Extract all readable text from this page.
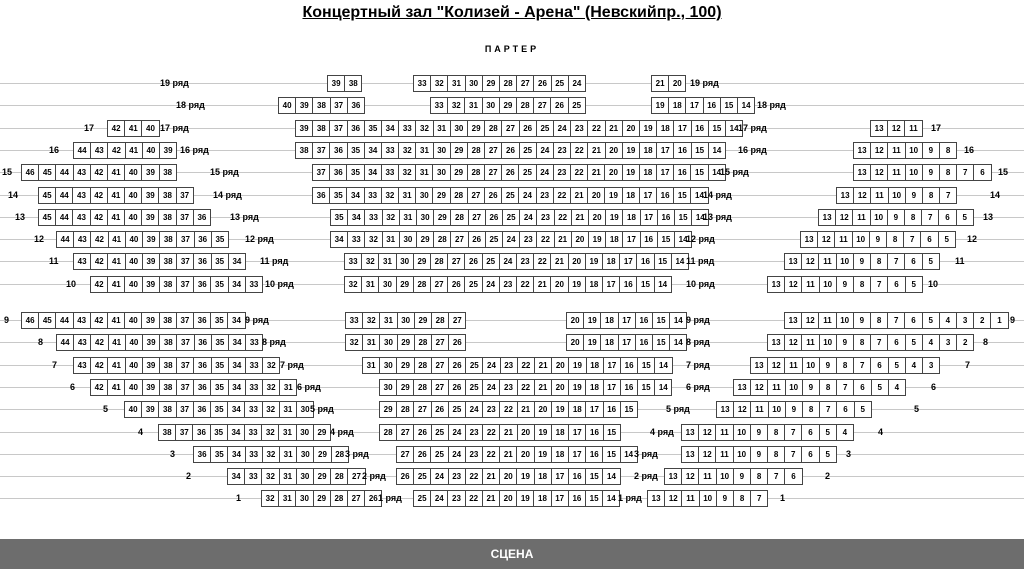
Концертный зал "Колизей - Арена" (Невскийпр., 100)
ПАРТЕР
39	38	33	32	31	30	29	28	27	26	25	24	21	20
19 ряд	19 ряд
40	39	38	37	36	33	32	31	30	29	28	27	26	25	19	18	17	16	15	14
18 ряд	18 ряд
42	41	40	39	38	37	36	35	34	33	32	31	30	29	28	27	26	25	24	23	22	21	20	19	18	17	16	15	14	13	12	11
17	17
17 ряд	17 ряд
44	43	42	41	40	39	38	37	36	35	34	33	32	31	30	29	28	27	26	25	24	23	22	21	20	19	18	17	16	15	14	13	12	11	10	9	8
16	16
16 ряд	16 ряд
46	45	44	43	42	41	40	39	38	37	36	35	34	33	32	31	30	29	28	27	26	25	24	23	22	21	20	19	18	17	16	15	14	13	12	11	10	9	8	7	6
15	15
15 ряд	15 ряд
45	44	43	42	41	40	39	38	37	36	35	34	33	32	31	30	29	28	27	26	25	24	23	22	21	20	19	18	17	16	15	14	13	12	11	10	9	8	7
14	14
14 ряд	14 ряд
45	44	43	42	41	40	39	38	37	36	35	34	33	32	31	30	29	28	27	26	25	24	23	22	21	20	19	18	17	16	15	14	13	12	11	10	9	8	7	6	5
13	13
13 ряд	13 ряд
44	43	42	41	40	39	38	37	36	35	34	33	32	31	30	29	28	27	26	25	24	23	22	21	20	19	18	17	16	15	14	13	12	11	10	9	8	7	6	5
12	12
12 ряд	12 ряд
43	42	41	40	39	38	37	36	35	34	33	32	31	30	29	28	27	26	25	24	23	22	21	20	19	18	17	16	15	14	13	12	11	10	9	8	7	6	5
11	11
11 ряд	11 ряд
42	41	40	39	38	37	36	35	34	33	32	31	30	29	28	27	26	25	24	23	22	21	20	19	18	17	16	15	14	13	12	11	10	9	8	7	6	5
10	10
10 ряд	10 ряд
46	45	44	43	42	41	40	39	38	37	36	35	34	33	32	31	30	29	28	27	20	19	18	17	16	15	14	13	12	11	10	9	8	7	6	5	4	3	2	1
9	9
9 ряд	9 ряд
44	43	42	41	40	39	38	37	36	35	34	33	32	31	30	29	28	27	26	20	19	18	17	16	15	14	13	12	11	10	9	8	7	6	5	4	3	2
8	8
8 ряд	8 ряд
43	42	41	40	39	38	37	36	35	34	33	32	31	30	29	28	27	26	25	24	23	22	21	20	19	18	17	16	15	14	13	12	11	10	9	8	7	6	5	4	3
7	7
7 ряд	7 ряд
42	41	40	39	38	37	36	35	34	33	32	31	30	29	28	27	26	25	24	23	22	21	20	19	18	17	16	15	14	13	12	11	10	9	8	7	6	5	4
6	6
6 ряд	6 ряд
40	39	38	37	36	35	34	33	32	31	30	29	28	27	26	25	24	23	22	21	20	19	18	17	16	15	13	12	11	10	9	8	7	6	5
5	5
5 ряд	5 ряд
38	37	36	35	34	33	32	31	30	29	28	27	26	25	24	23	22	21	20	19	18	17	16	15	13	12	11	10	9	8	7	6	5	4
4	4
4 ряд	4 ряд
36	35	34	33	32	31	30	29	28	27	26	25	24	23	22	21	20	19	18	17	16	15	14	13	12	11	10	9	8	7	6	5
3	3
3 ряд	3 ряд
34	33	32	31	30	29	28	27	26	25	24	23	22	21	20	19	18	17	16	15	14	13	12	11	10	9	8	7	6
2	2
2 ряд	2 ряд
32	31	30	29	28	27	26	25	24	23	22	21	20	19	18	17	16	15	14	13	12	11	10	9	8	7
1	1
1 ряд	1 ряд
СЦЕНА
